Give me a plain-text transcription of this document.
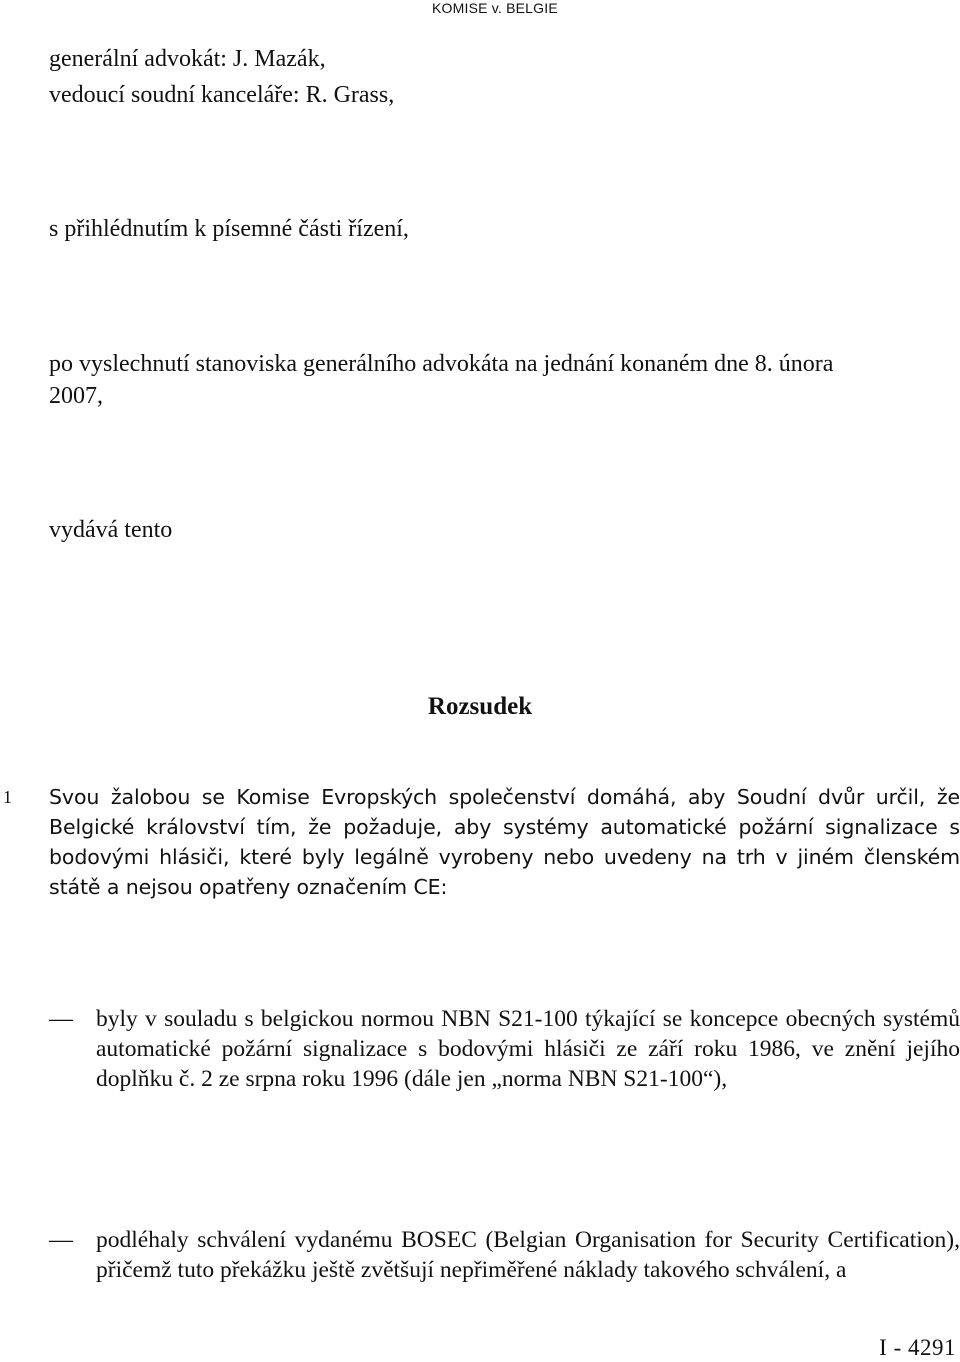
KOMISE v. BELGIE
generální advokát: J. Mazák,
vedoucí soudní kanceláře: R. Grass,
s přihlédnutím k písemné části řízení,
po vyslechnutí stanoviska generálního advokáta na jednání konaném dne 8. února
2007,
vydává tento
Rozsudek
1 Svou žalobou se Komise Evropských společenství domáhá, aby Soudní dvůr určil, že Belgické království tím, že požaduje, aby systémy automatické požární signalizace s bodovými hlásiči, které byly legálně vyrobeny nebo uvedeny na trh v jiném členském státě a nejsou opatřeny označením CE:
— byly v souladu s belgickou normou NBN S21-100 týkající se koncepce obecných systémů automatické požární signalizace s bodovými hlásiči ze září roku 1986, ve znění jejího doplňku č. 2 ze srpna roku 1996 (dále jen „norma NBN S21-100“),
— podléhaly schválení vydanému BOSEC (Belgian Organisation for Security Certification), přičemž tuto překážku ještě zvětšují nepřiměřené náklady takového schválení, a
I - 4291
